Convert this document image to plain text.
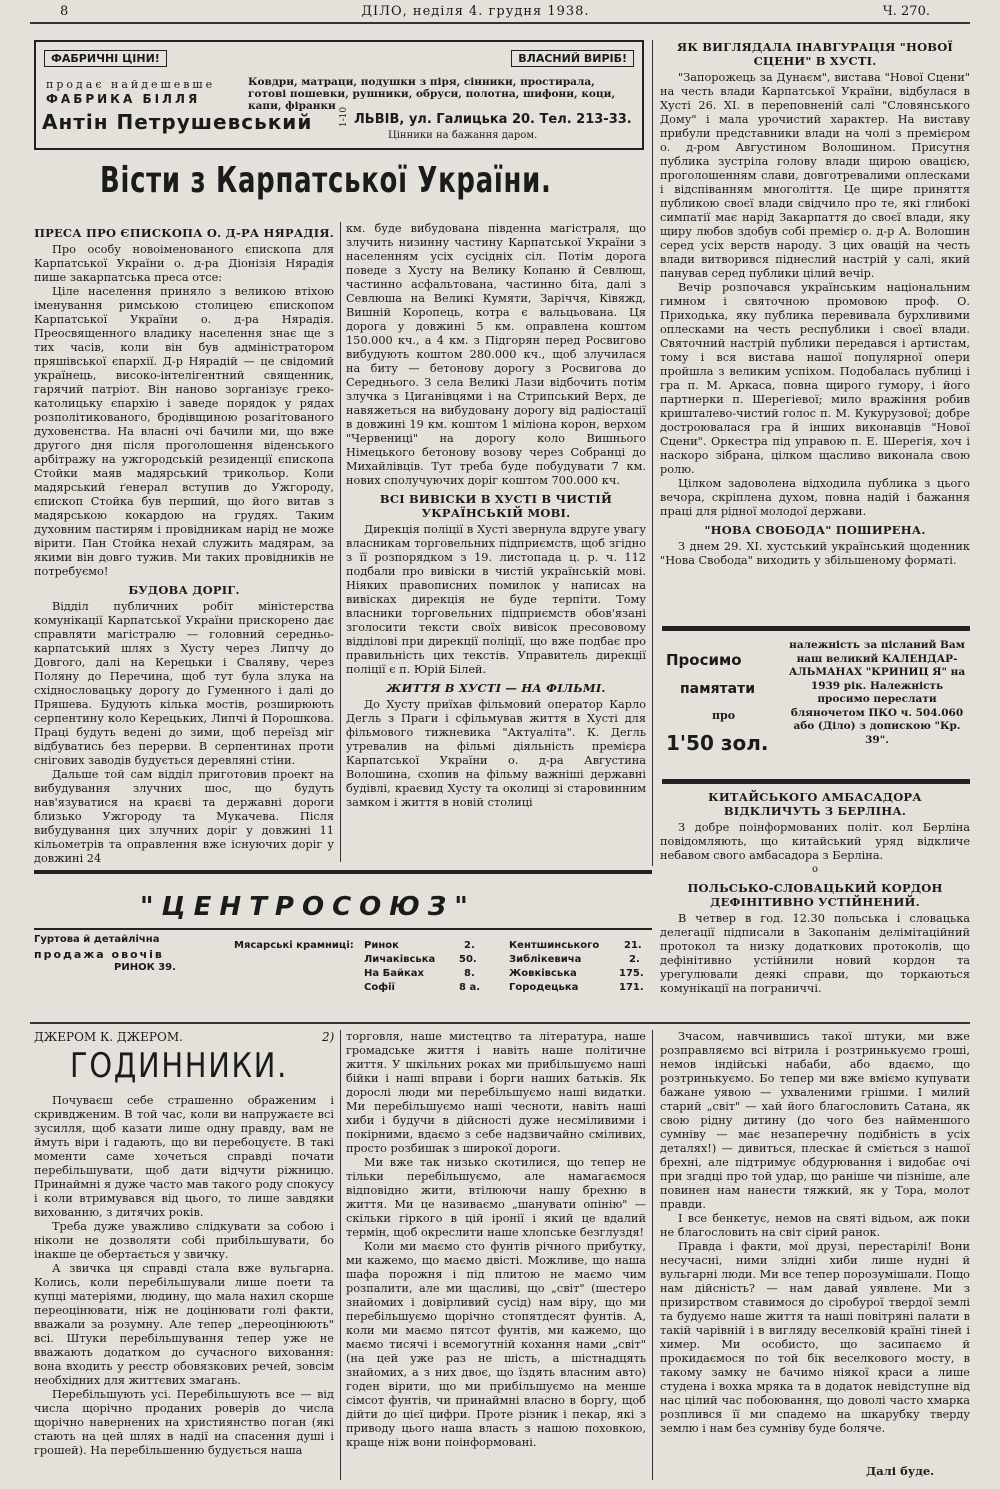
8	ДІЛО, неділя 4. грудня 1938.	Ч. 270.
ФАБРИЧНІ ЦІНИ!	ВЛАСНИЙ ВИРІБ!
продає найдешевше
ФАБРИКА БІЛЛЯ
Антін Петрушевський	1-10
Ковдри, матраци, подушки з піря, сінники, простирала, готові пошевки, рушники, обруси, полотна, шифони, коци, капи, фіранки
ЛЬВІВ, ул. Галицька 20. Тел. 213-33.
Цінники на бажання даром.
Вісти з Карпатської України.
ПРЕСА ПРО ЄПИСКОПА О. Д-РА НЯРАДІЯ.

Про особу новоіменованого єпископа для Карпатської України о. д-ра Діонізія Нярадія пише закарпатська преса отсе:

Ціле населення приняло з великою втіхою іменування римською столицею єпископом Карпатської України о. д-ра Нярадія. Преосвященного владику населення знає ще з тих часів, коли він був адміністратором пряшівської єпархії. Д-р Нярадій — це свідомий українець, високо-інтелігентний священник, гарячий патріот. Він наново зорганізує греко-католицьку єпархію і заведе порядок у рядах розполітикованого, бродівщиною розагітованого духовенства. На власні очі бачили ми, що вже другого дня після проголошення віденського арбітражу на ужгородській резиденції єпископа Стойки маяв мадярський трикольор. Коли мадярський ґенерал вступив до Ужгороду, єпископ Стойка був перший, що його витав з мадярською кокардою на грудях. Таким духовним пастирям і провідникам нарід не може вірити. Пан Стойка нехай служить мадярам, за якими він довго тужив. Ми таких провідників не потребуємо!

БУДОВА ДОРІГ.

Відділ публичних робіт міністерства комунікації Карпатської України прискорено дає справляти магістралю — головний середньо-карпатський шлях з Хусту через Липчу до Довгого, далі на Керецьки і Сваляву, через Поляну до Перечина, щоб тут була злука на східнословацьку дорогу до Гуменного і далі до Пряшева. Будують кілька мостів, розширюють серпентину коло Керецьких, Липчі й Порошкова. Праці будуть ведені до зими, щоб переїзд міг відбуватись без перерви. В серпентинах проти снігових заводів будується деревляні стіни.

Дальше той сам відділ приготовив проект на вибудування злучних шос, що будуть нав'язуватися на краєві та державні дороги близько Ужгороду та Мукачева. Після вибудування цих злучних доріг у довжині 11 кільометрів та оправлення вже існуючих доріг у довжині 24

км. буде вибудована південна магістраля, що злучить низинну частину Карпатської України з населенням усіх сусідніх сіл. Потім дорога поведе з Хусту на Велику Копаню й Севлюш, частинно асфальтована, частинно біта, далі з Севлюша на Великі Кумяти, Заріччя, Ківяжд, Вишній Коропець, котра є вальцьована. Ця дорога у довжині 5 км. оправлена коштом 150.000 кч., а 4 км. з Підгорян перед Росвигово вибудують коштом 280.000 кч., щоб злучилася на биту — бетонову дорогу з Росвигова до Середнього. З села Великі Лази відбочить потім злучка з Циганівцями і на Стрипський Верх, де навяжеться на вибудовану дорогу від радіостації в довжині 19 км. коштом 1 міліона корон, верхом "Червениці" на дорогу коло Вишнього Німецького бетонову возову через Собранці до Михайлівців. Тут треба буде побудувати 7 км. нових сполучуючих доріг коштом 700.000 кч.

ВСІ ВИВІСКИ В ХУСТІ В ЧИСТІЙ УКРАЇНСЬКІЙ МОВІ.

Дирекція поліції в Хусті звернула вдруге увагу власникам торговельних підприємств, щоб згідно з її розпорядком з 19. листопада ц. р. ч. 112 подбали про вивіски в чистій українській мові. Ніяких правописних помилок у написах на вивісках дирекція не буде терпіти. Тому власники торговельних підприємств обов'язані зголосити тексти своїх вивісок пресововому відділові при дирекції поліції, що вже подбає про правильність цих текстів. Управитель дирекції поліції є п. Юрій Білей.

ЖИТТЯ В ХУСТІ — НА ФІЛЬМІ.

До Хусту приїхав фільмовий оператор Карло Дегль з Праги і сфільмував життя в Хусті для фільмового тижневика "Актуаліта". К. Дегль утревалив на фільмі діяльність премієра Карпатської України о. д-ра Августина Волошина, схопив на фільму важніші державні будівлі, краєвид Хусту та околиці зі старовинним замком і життя в новій столиці

ЯК ВИГЛЯДАЛА ІНАВГУРАЦІЯ "НОВОЇ СЦЕНИ" В ХУСТІ.

"Запорожець за Дунаєм", вистава "Нової Сцени" на честь влади Карпатської України, відбулася в Хусті 26. XI. в переповненій салі "Словянського Дому" і мала урочистий характер. На виставу прибули представники влади на чолі з премієром о. д-ром Августином Волошином. Присутня публика зустріла голову влади щирою овацією, проголошенням слави, довготревалими оплесками і відспіванням многоліття. Це щире приняття публикою своєї влади свідчило про те, які глибокі симпатії має нарід Закарпаття до своєї влади, яку щиру любов здобув собі премієр о. д-р А. Волошин серед усіх верств народу. З цих овацій на честь влади витворився піднеслий настрій у салі, який панував серед публики цілий вечір.

Вечір розпочався українським національним гимном і святочною промовою проф. О. Приходька, яку публика перевивала бурхливими оплесками на честь республики і своєї влади. Святочний настрій публики передався і артистам, тому і вся вистава нашої популярної опери пройшла з великим успіхом. Подобалась публиці і гра п. М. Аркаса, повна щирого гумору, і його партнерки п. Шерегіевої; мило вражіння робив кришталево-чистий голос п. М. Кукурузової; добре достроювалася гра й інших виконавців "Нової Сцени". Оркестра під управою п. Е. Шерегія, хоч і наскоро зібрана, цілком щасливо виконала свою ролю.

Цілком задоволена відходила публика з цього вечора, скріплена духом, повна надій і бажання праці для рідної молодої держави.

"НОВА СВОБОДА" ПОШИРЕНА.

З днем 29. XI. хустський український щоденник "Нова Свобода" виходить у збільшеному форматі.

Просимо
памятати
про
1'50 зол.
належність за післаний Вам наш великий КАЛЕНДАР-АЛЬМАНАХ "КРИНИЦ Я" на 1939 рік. Належність просимо переслати бляночетом ПКО ч. 504.060 або (Діло) з допискою "Кр. 39".
КИТАЙСЬКОГО АМБАСАДОРА ВІДКЛИЧУТЬ З БЕРЛІНА.

З добре поінформованих політ. кол Берліна повідомляють, що китайський уряд відкличе небавом свого амбасадора з Берліна.

o
ПОЛЬСЬКО-СЛОВАЦЬКИЙ КОРДОН ДЕФІНІТИВНО УСТІЙНЕНИЙ.

В четвер в год. 12.30 польська і словацька делегації підписали в Закопанім делімітаційний протокол та низку додаткових протоколів, що дефінітивно устійнили новий кордон та урегулювали деякі справи, що торкаються комунікації на пограниччі.

"ЦЕНТРОСОЮЗ"
Гуртова й детайлічна
продажа овочів
РИНОК 39.
Мясарські крамниці: Ринок	2.	Кентшинського 21.
Личаківська 50.	Зиблікевича	2.
На Байках	8.	Жовківська	175.
Софії	8 а.	Городецька	171.
ДЖЕРОМ К. ДЖЕРОМ.	2)
ГОДИННИКИ.

Почуваєш себе страшенно ображеним і скривдженим. В той час, коли ви напружаєте всі зусилля, щоб казати лише одну правду, вам не ймуть віри і гадають, що ви перебоцуєте. В такі моменти саме хочеться справді почати перебільшувати, щоб дати відчути ріжницю. Принаймні я дуже часто мав такого роду спокусу і коли втримувався від цього, то лише завдяки вихованню, з дитячих років.

Треба дуже уважливо слідкувати за собою і ніколи не дозволяти собі прибільшувати, бо інакше це обертається у звичку.

А звичка ця справді стала вже вульгарна. Колись, коли перебільшували лише поети та купці матеріями, людину, що мала нахил скорше переоцінювати, ніж не доцінювати голі факти, вважали за розумну. Але тепер „переоцінюють" всі. Штуки перебільшування тепер уже не вважають додатком до сучасного виховання: вона входить у реєстр обовязкових речей, зовсім необхідних для життєвих змагань.

Перебільшують усі. Перебільшують все — від числа щорічно проданих роверів до числа щорічно навернених на християнство поган (які стають на цей шлях в надії на спасення душі і грошей). На перебільшенню будується наша

торговля, наше мистецтво та література, наше громадське життя і навіть наше політичне життя. У шкільних роках ми прибільшуємо наші бійки і наші вправи і борги наших батьків. Як дорослі люди ми перебільшуємо наші видатки. Ми перебільшуємо наші чесноти, навіть наші хиби і будучи в дійсності дуже несміливими і покірними, вдаємо з себе надзвичайно сміливих, просто розбишак з широкої дороги.

Ми вже так низько скотилися, що тепер не тільки перебільшуємо, але намагаємося відповідно жити, втілюючи нашу брехню в життя. Ми це називаємо „шанувати опінію" — скільки гіркого в цій іронії і який це вдалий термін, щоб окреслити наше хлопське безглуздя!

Коли ми маємо сто фунтів річного прибутку, ми кажемо, що маємо двісті. Можливе, що наша шафа порожня і під плитою не маємо чим розпалити, але ми щасливі, що „світ" (шестеро знайомих і довірливий сусід) нам віру, що ми перебільшуємо щорічно стопятдесят фунтів. А, коли ми маємо пятсот фунтів, ми кажемо, що маємо тисячі і всемогутній кохання нами „світ" (на цей уже раз не шість, а шістнадцять знайомих, а з них двоє, що їздять власним авто) годен вірити, що ми прибільшуємо на менше сімсот фунтів, чи принаймні власно в боргу, щоб дійти до цієї цифри. Проте різник і пекар, які з приводу цього наша власть з нашою поховкою, краще ніж вони поінформовані.

Зчасом, навчившись такої штуки, ми вже розправляємо всі вітрила і розтринькуємо гроші, немов індійські набаби, або вдаємо, що розтринькуємо. Бо тепер ми вже вміємо купувати бажане уявою — ухваленими грішми. І милий старий „світ" — хай його благословить Сатана, як свою рідну дитину (до чого без найменшого сумніву — має незаперечну подібність в усіх деталях!) — дивиться, плескає й сміється з нашої брехні, але підтримує обдурювання і видобає очі при згадці про той удар, що раніше чи пізніше, але повинен нам нанести тяжкий, як у Тора, молот правди.

І все бенкетує, немов на святі відьом, аж поки не благословить на світ сірий ранок.

Правда і факти, мої друзі, перестарілі! Вони несучасні, ними злідні хиби лише нудні й вульгарні люди. Ми все тепер порозумішали. Пощо нам дійсність? — нам давай уявлене. Ми з призирством ставимося до сіробурої твердої землі та будуємо наше життя та наші повітряні палати в такій чарівній і в вигляду веселковій країні тіней і химер. Ми особисто, що засипаємо й прокидаємося по той бік веселкового мосту, в такому замку не бачимо ніякої краси а лише студена і вохка мряка та в додаток невідступне від нас цілий час побоювання, що доволі часто хмарка розплився її ми спадемо на шкарубку тверду землю і нам без сумніву буде боляче.

Далі буде.
